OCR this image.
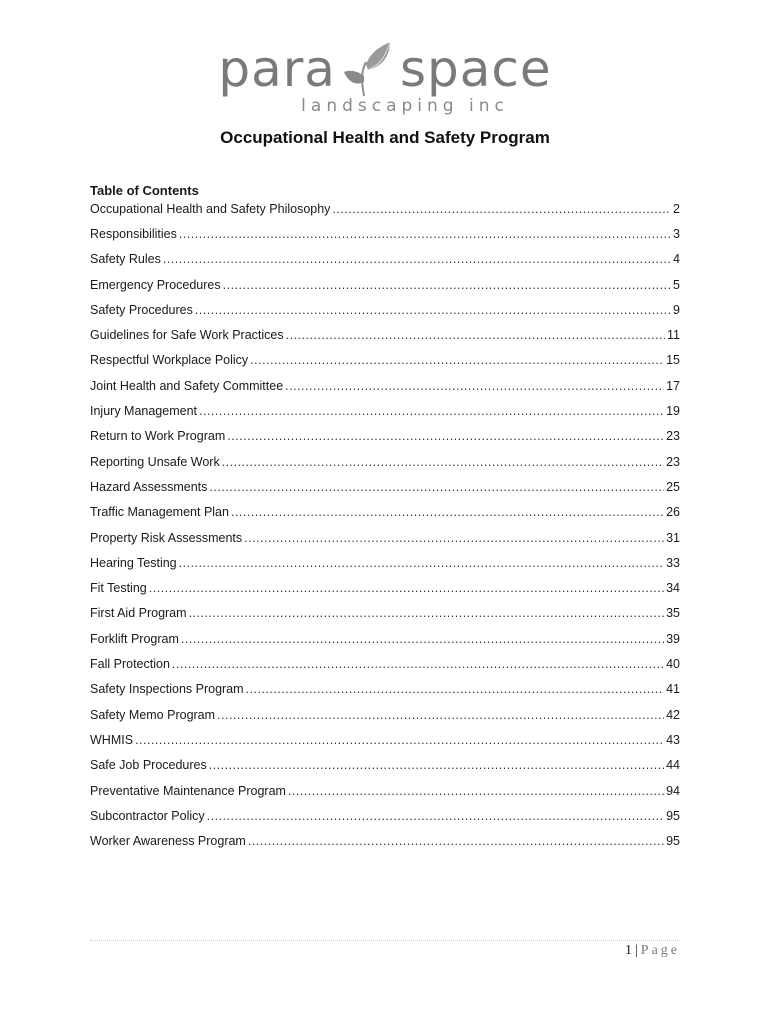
para space
landscaping inc
Occupational Health and Safety Program
Table of Contents
Occupational Health and Safety Philosophy .....	2
Responsibilities .....	3
Safety Rules .....	4
Emergency Procedures .....	5
Safety Procedures .....	9
Guidelines for Safe Work Practices .....	11
Respectful Workplace Policy .....	15
Joint Health and Safety Committee .....	17
Injury Management .....	19
Return to Work Program .....	23
Reporting Unsafe Work .....	23
Hazard Assessments .....	25
Traffic Management Plan .....	26
Property Risk Assessments .....	31
Hearing Testing .....	33
Fit Testing .....	34
First Aid Program .....	35
Forklift Program .....	39
Fall Protection .....	40
Safety Inspections Program .....	41
Safety Memo Program .....	42
WHMIS .....	43
Safe Job Procedures .....	44
Preventative Maintenance Program .....	94
Subcontractor Policy .....	95
Worker Awareness Program .....	95
1 | Page
